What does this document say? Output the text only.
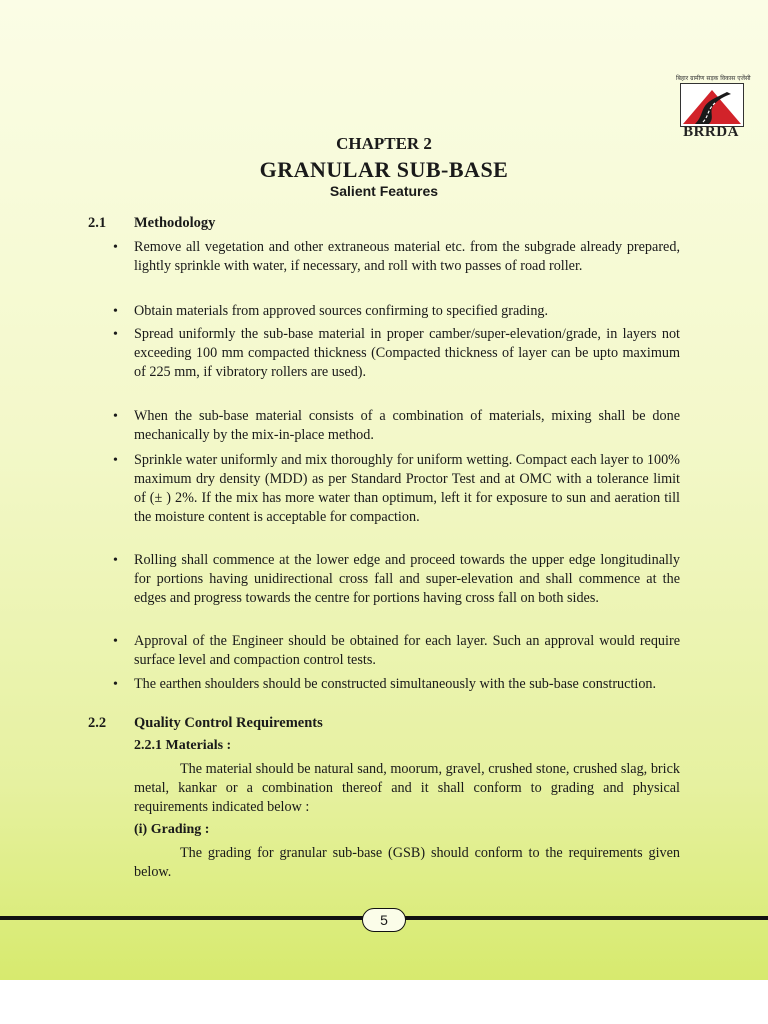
बिहार ग्रामीण सड़क विकास एजेंसी
BRRDA
CHAPTER 2
GRANULAR SUB-BASE
Salient Features
2.1 Methodology
• Remove all vegetation and other extraneous material etc. from the subgrade already prepared, lightly sprinkle with water, if necessary, and roll with two passes of road roller.
• Obtain materials from approved sources confirming to specified grading.
• Spread uniformly the sub-base material in proper camber/super-elevation/grade, in layers not exceeding 100 mm compacted thickness (Compacted thickness of layer can be upto maximum of 225 mm, if vibratory rollers are used).
• When the sub-base material consists of a combination of materials, mixing shall be done mechanically by the mix-in-place method.
• Sprinkle water uniformly and mix thoroughly for uniform wetting. Compact each layer to 100% maximum dry density (MDD) as per Standard Proctor Test and at OMC with a tolerance limit of (± ) 2%. If the mix has more water than optimum, left it for exposure to sun and aeration till the moisture content is acceptable for compaction.
• Rolling shall commence at the lower edge and proceed towards the upper edge longitudinally for portions having unidirectional cross fall and super-elevation and shall commence at the edges and progress towards the centre for portions having cross fall on both sides.
• Approval of the Engineer should be obtained for each layer. Such an approval would require surface level and compaction control tests.
• The earthen shoulders should be constructed simultaneously with the sub-base construction.
2.2 Quality Control Requirements
2.2.1 Materials :
The material should be natural sand, moorum, gravel, crushed stone, crushed slag, brick metal, kankar or a combination thereof and it shall conform to grading and physical requirements indicated below :
(i) Grading :
The grading for granular sub-base (GSB) should conform to the requirements given below.
5
